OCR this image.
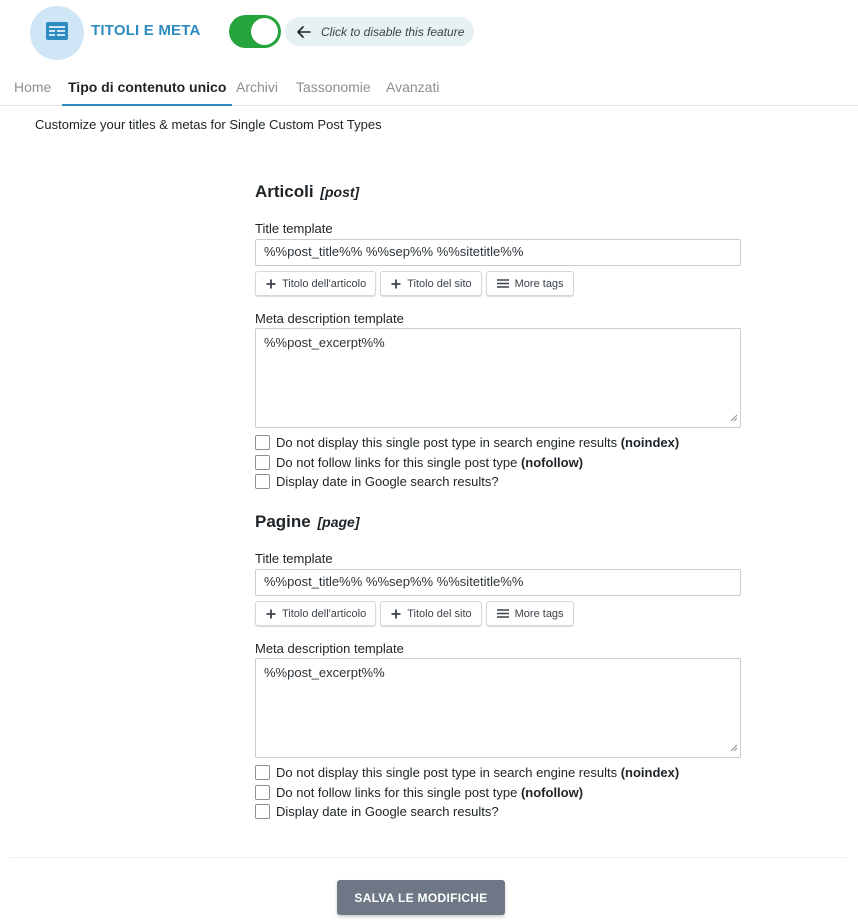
TITOLI E META	Click to disable this feature
Home	Tipo di contenuto unico Archivi Tassonomie Avanzati
Customize your titles & metas for Single Custom Post Types
Articoli [post]
Title template
%%post_title%% %%sep%% %%sitetitle%%
Titolo dell'articolo	Titolo del sito	More tags
Meta description template
%%post_excerpt%%
Do not display this single post type in search engine results (noindex)
Do not follow links for this single post type (nofollow)
Display date in Google search results?
Pagine [page]
Title template
%%post_title%% %%sep%% %%sitetitle%%
Titolo dell'articolo	Titolo del sito	More tags
Meta description template
%%post_excerpt%%
Do not display this single post type in search engine results (noindex)
Do not follow links for this single post type (nofollow)
Display date in Google search results?
SALVA LE MODIFICHE
